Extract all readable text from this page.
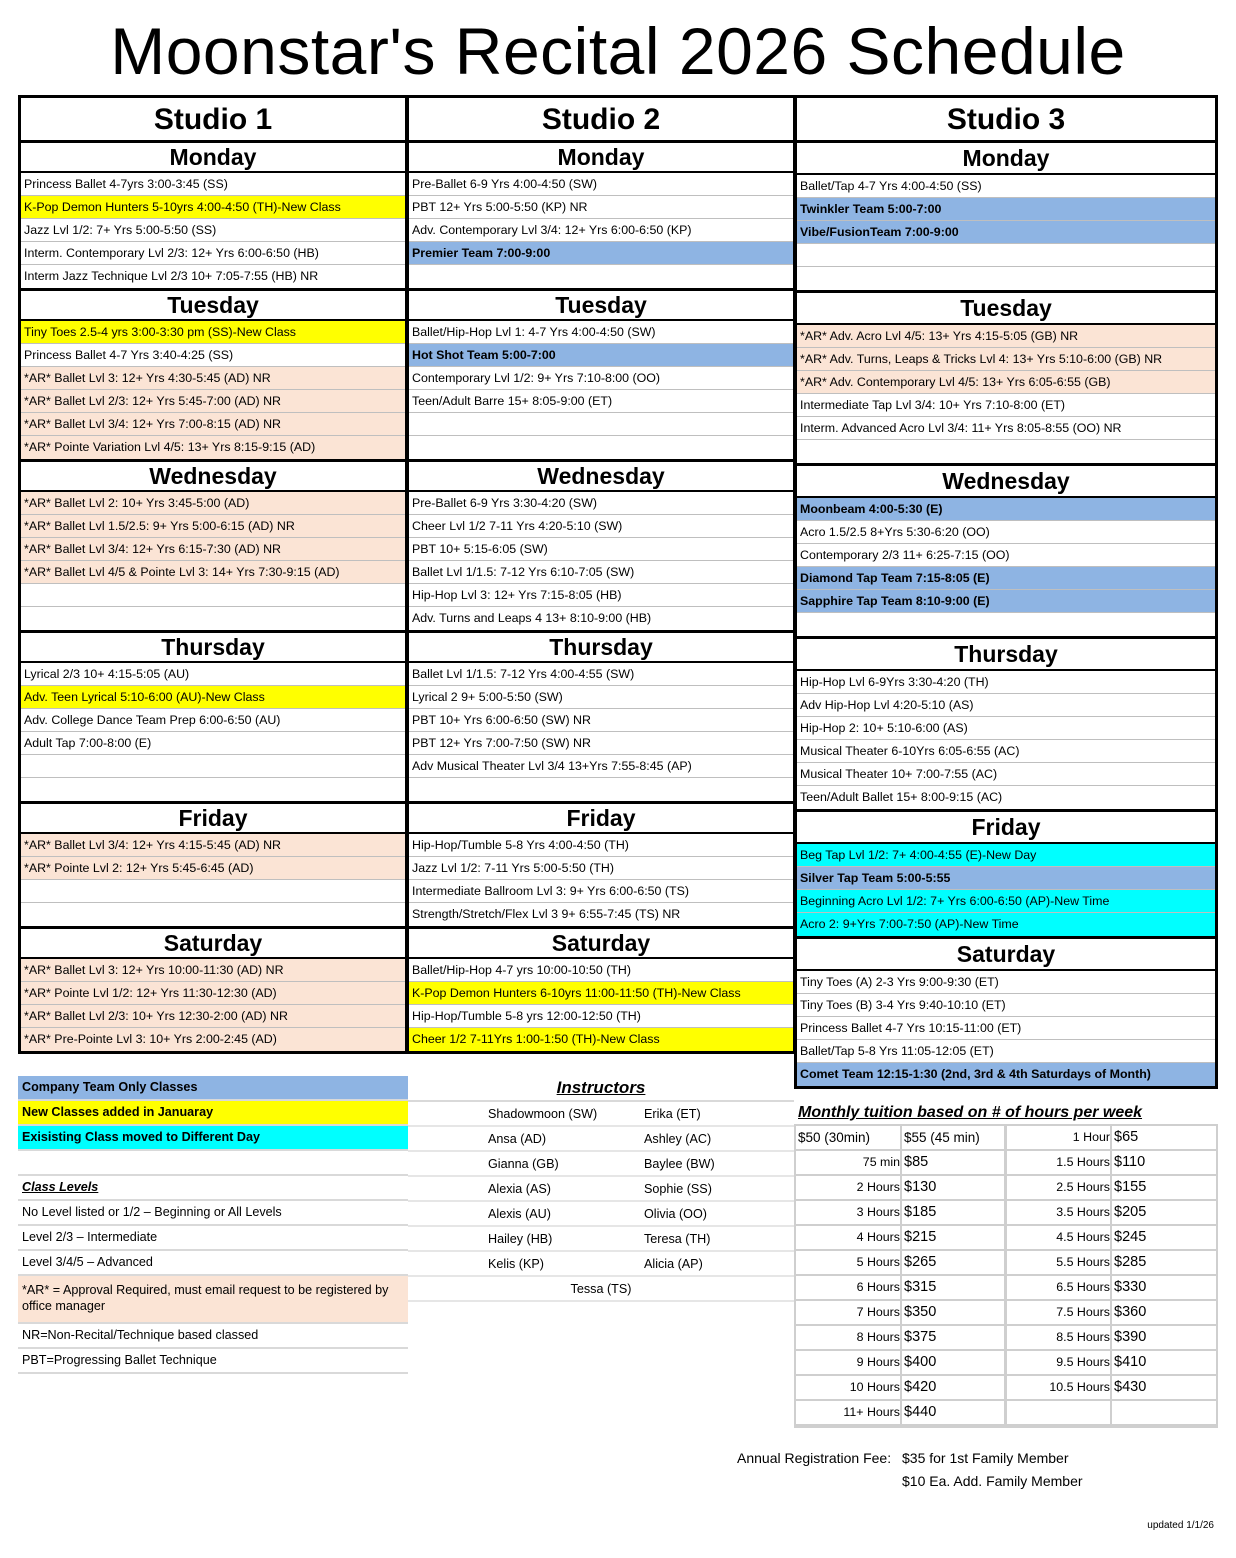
Moonstar's Recital 2026 Schedule
Studio 1
Monday
Princess Ballet 4-7yrs 3:00-3:45 (SS)
K-Pop Demon Hunters 5-10yrs 4:00-4:50 (TH)-New Class
Jazz Lvl 1/2: 7+ Yrs 5:00-5:50 (SS)
Interm. Contemporary Lvl 2/3: 12+ Yrs 6:00-6:50 (HB)
Interm Jazz Technique Lvl 2/3 10+ 7:05-7:55 (HB) NR
Tuesday
Tiny Toes 2.5-4 yrs 3:00-3:30 pm (SS)-New Class
Princess Ballet 4-7 Yrs 3:40-4:25 (SS)
*AR* Ballet Lvl 3: 12+ Yrs 4:30-5:45 (AD) NR
*AR* Ballet Lvl 2/3: 12+ Yrs 5:45-7:00 (AD) NR
*AR* Ballet Lvl 3/4: 12+ Yrs 7:00-8:15 (AD) NR
*AR* Pointe Variation Lvl 4/5: 13+ Yrs 8:15-9:15 (AD)
Wednesday
*AR* Ballet Lvl 2: 10+ Yrs 3:45-5:00 (AD)
*AR* Ballet Lvl 1.5/2.5: 9+ Yrs 5:00-6:15 (AD) NR
*AR* Ballet Lvl 3/4: 12+ Yrs 6:15-7:30 (AD) NR
*AR* Ballet Lvl 4/5 & Pointe Lvl 3: 14+ Yrs 7:30-9:15 (AD)
Thursday
Lyrical 2/3 10+ 4:15-5:05 (AU)
Adv. Teen Lyrical 5:10-6:00 (AU)-New Class
Adv. College Dance Team Prep 6:00-6:50 (AU)
Adult Tap 7:00-8:00 (E)
Friday
*AR* Ballet Lvl 3/4: 12+ Yrs 4:15-5:45 (AD) NR
*AR* Pointe Lvl 2: 12+ Yrs 5:45-6:45 (AD)
Saturday
*AR* Ballet Lvl 3: 12+ Yrs 10:00-11:30 (AD) NR
*AR* Pointe Lvl 1/2: 12+ Yrs 11:30-12:30 (AD)
*AR* Ballet Lvl 2/3: 10+ Yrs 12:30-2:00 (AD) NR
*AR* Pre-Pointe Lvl 3: 10+ Yrs 2:00-2:45 (AD)
Studio 2
Monday
Pre-Ballet 6-9 Yrs 4:00-4:50 (SW)
PBT 12+ Yrs 5:00-5:50 (KP) NR
Adv. Contemporary Lvl 3/4: 12+ Yrs 6:00-6:50 (KP)
Premier Team 7:00-9:00
Tuesday
Ballet/Hip-Hop Lvl 1: 4-7 Yrs 4:00-4:50 (SW)
Hot Shot Team 5:00-7:00
Contemporary Lvl 1/2: 9+ Yrs 7:10-8:00 (OO)
Teen/Adult Barre 15+ 8:05-9:00 (ET)
Wednesday
Pre-Ballet 6-9 Yrs 3:30-4:20 (SW)
Cheer Lvl 1/2 7-11 Yrs 4:20-5:10 (SW)
PBT 10+ 5:15-6:05 (SW)
Ballet Lvl 1/1.5: 7-12 Yrs 6:10-7:05 (SW)
Hip-Hop Lvl 3: 12+ Yrs 7:15-8:05 (HB)
Adv. Turns and Leaps 4 13+ 8:10-9:00 (HB)
Thursday
Ballet Lvl 1/1.5: 7-12 Yrs 4:00-4:55 (SW)
Lyrical 2 9+ 5:00-5:50 (SW)
PBT 10+ Yrs 6:00-6:50 (SW) NR
PBT 12+ Yrs 7:00-7:50 (SW) NR
Adv Musical Theater Lvl 3/4 13+Yrs 7:55-8:45 (AP)
Friday
Hip-Hop/Tumble 5-8 Yrs 4:00-4:50 (TH)
Jazz Lvl 1/2: 7-11 Yrs 5:00-5:50 (TH)
Intermediate Ballroom Lvl 3: 9+ Yrs 6:00-6:50 (TS)
Strength/Stretch/Flex Lvl 3 9+ 6:55-7:45 (TS) NR
Saturday
Ballet/Hip-Hop 4-7 yrs 10:00-10:50 (TH)
K-Pop Demon Hunters 6-10yrs 11:00-11:50 (TH)-New Class
Hip-Hop/Tumble 5-8 yrs 12:00-12:50 (TH)
Cheer 1/2 7-11Yrs 1:00-1:50 (TH)-New Class
Studio 3
Monday
Ballet/Tap 4-7 Yrs 4:00-4:50 (SS)
Twinkler Team 5:00-7:00
Vibe/FusionTeam 7:00-9:00
Tuesday
*AR* Adv. Acro Lvl 4/5: 13+ Yrs 4:15-5:05 (GB) NR
*AR* Adv. Turns, Leaps & Tricks Lvl 4: 13+ Yrs 5:10-6:00 (GB) NR
*AR* Adv. Contemporary Lvl 4/5: 13+ Yrs 6:05-6:55 (GB)
Intermediate Tap Lvl 3/4: 10+ Yrs 7:10-8:00 (ET)
Interm. Advanced Acro Lvl 3/4: 11+ Yrs 8:05-8:55 (OO) NR
Wednesday
Moonbeam 4:00-5:30 (E)
Acro 1.5/2.5 8+Yrs 5:30-6:20 (OO)
Contemporary 2/3 11+ 6:25-7:15 (OO)
Diamond Tap Team 7:15-8:05 (E)
Sapphire Tap Team 8:10-9:00 (E)
Thursday
Hip-Hop Lvl 6-9Yrs 3:30-4:20 (TH)
Adv Hip-Hop Lvl 4:20-5:10 (AS)
Hip-Hop 2: 10+ 5:10-6:00 (AS)
Musical Theater 6-10Yrs 6:05-6:55 (AC)
Musical Theater 10+ 7:00-7:55 (AC)
Teen/Adult Ballet 15+ 8:00-9:15 (AC)
Friday
Beg Tap Lvl 1/2: 7+ 4:00-4:55 (E)-New Day
Silver Tap Team 5:00-5:55
Beginning Acro Lvl 1/2: 7+ Yrs 6:00-6:50 (AP)-New Time
Acro 2: 9+Yrs 7:00-7:50 (AP)-New Time
Saturday
Tiny Toes (A) 2-3 Yrs 9:00-9:30 (ET)
Tiny Toes (B) 3-4 Yrs 9:40-10:10 (ET)
Princess Ballet 4-7 Yrs 10:15-11:00 (ET)
Ballet/Tap 5-8 Yrs 11:05-12:05 (ET)
Comet Team 12:15-1:30 (2nd, 3rd & 4th Saturdays of Month)
Company Team Only Classes
New Classes added in Januaray
Exisisting Class moved to Different Day
Class Levels
No Level listed or 1/2 – Beginning or All Levels
Level 2/3 – Intermediate
Level 3/4/5 – Advanced
*AR* = Approval Required, must email request to be registered by office manager
NR=Non-Recital/Technique based classed
PBT=Progressing Ballet Technique
Instructors
Shadowmoon (SW)	Erika (ET)
Ansa (AD)	Ashley (AC)
Gianna (GB)	Baylee (BW)
Alexia (AS)	Sophie (SS)
Alexis (AU)	Olivia (OO)
Hailey (HB)	Teresa (TH)
Kelis (KP)	Alicia (AP)
Tessa (TS)
Monthly tuition based on # of hours per week
$50 (30min)	$55 (45 min)	1 Hour $65
75 min $85	1.5 Hours $110
2 Hours $130	2.5 Hours $155
3 Hours $185	3.5 Hours $205
4 Hours $215	4.5 Hours $245
5 Hours $265	5.5 Hours $285
6 Hours $315	6.5 Hours $330
7 Hours $350	7.5 Hours $360
8 Hours $375	8.5 Hours $390
9 Hours $400	9.5 Hours $410
10 Hours $420	10.5 Hours $430
11+ Hours $440
Annual Registration Fee: $35 for 1st Family Member
$10 Ea. Add. Family Member
updated 1/1/26
